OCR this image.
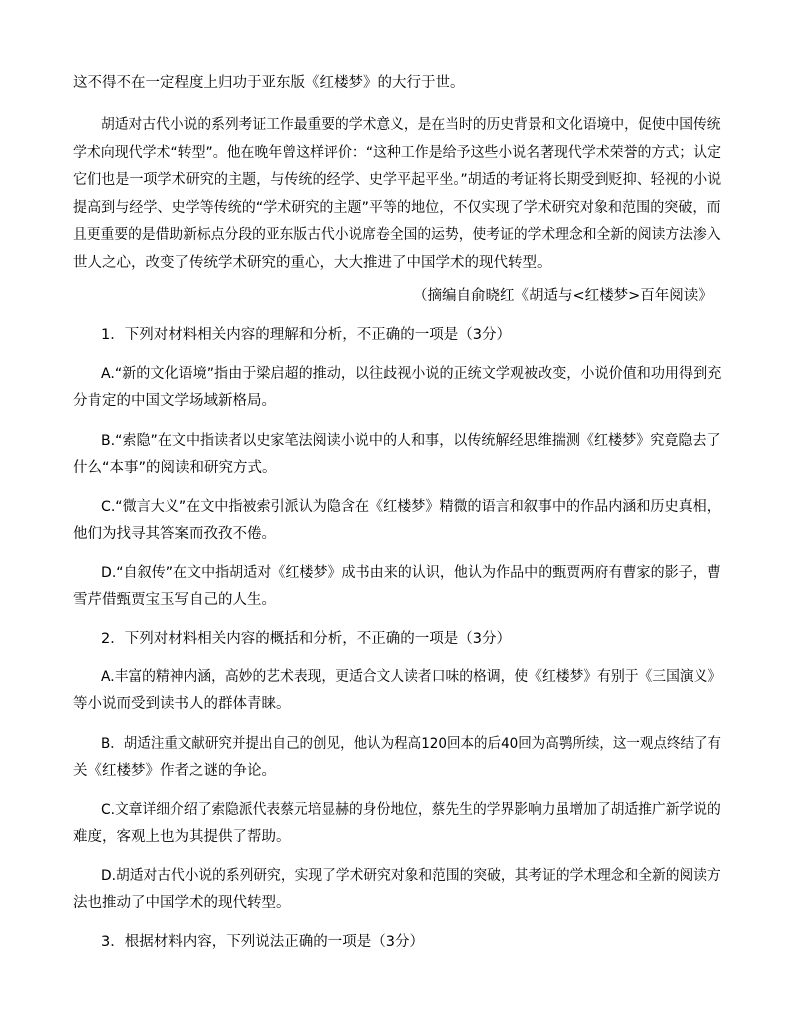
这不得不在一定程度上归功于亚东版《红楼梦》的大行于世。
胡适对古代小说的系列考证工作最重要的学术意义，是在当时的历史背景和文化语境中，促使中国传统
学术向现代学术“转型”。他在晚年曾这样评价：“这种工作是给予这些小说名著现代学术荣誉的方式；认定
它们也是一项学术研究的主题，与传统的经学、史学平起平坐。”胡适的考证将长期受到贬抑、轻视的小说
提高到与经学、史学等传统的“学术研究的主题”平等的地位，不仅实现了学术研究对象和范围的突破，而
且更重要的是借助新标点分段的亚东版古代小说席卷全国的运势，使考证的学术理念和全新的阅读方法渗入
世人之心，改变了传统学术研究的重心，大大推进了中国学术的现代转型。
（摘编自俞晓红《胡适与<红楼梦>百年阅读》
1．下列对材料相关内容的理解和分析，不正确的一项是（3分）
A.“新的文化语境”指由于梁启超的推动，以往歧视小说的正统文学观被改变，小说价值和功用得到充
分肯定的中国文学场域新格局。
B.“索隐”在文中指读者以史家笔法阅读小说中的人和事，以传统解经思维揣测《红楼梦》究竟隐去了
什么“本事”的阅读和研究方式。
C.“微言大义”在文中指被索引派认为隐含在《红楼梦》精微的语言和叙事中的作品内涵和历史真相，
他们为找寻其答案而孜孜不倦。
D.“自叙传”在文中指胡适对《红楼梦》成书由来的认识，他认为作品中的甄贾两府有曹家的影子，曹
雪芹借甄贾宝玉写自己的人生。
2．下列对材料相关内容的概括和分析，不正确的一项是（3分）
A.丰富的精神内涵，高妙的艺术表现，更适合文人读者口味的格调，使《红楼梦》有别于《三国演义》
等小说而受到读书人的群体青睐。
B．胡适注重文献研究并提出自己的创见，他认为程高120回本的后40回为高鹗所续，这一观点终结了有
关《红楼梦》作者之谜的争论。
C.文章详细介绍了索隐派代表蔡元培显赫的身份地位，蔡先生的学界影响力虽增加了胡适推广新学说的
难度，客观上也为其提供了帮助。
D.胡适对古代小说的系列研究，实现了学术研究对象和范围的突破，其考证的学术理念和全新的阅读方
法也推动了中国学术的现代转型。
3．根据材料内容，下列说法正确的一项是（3分）
